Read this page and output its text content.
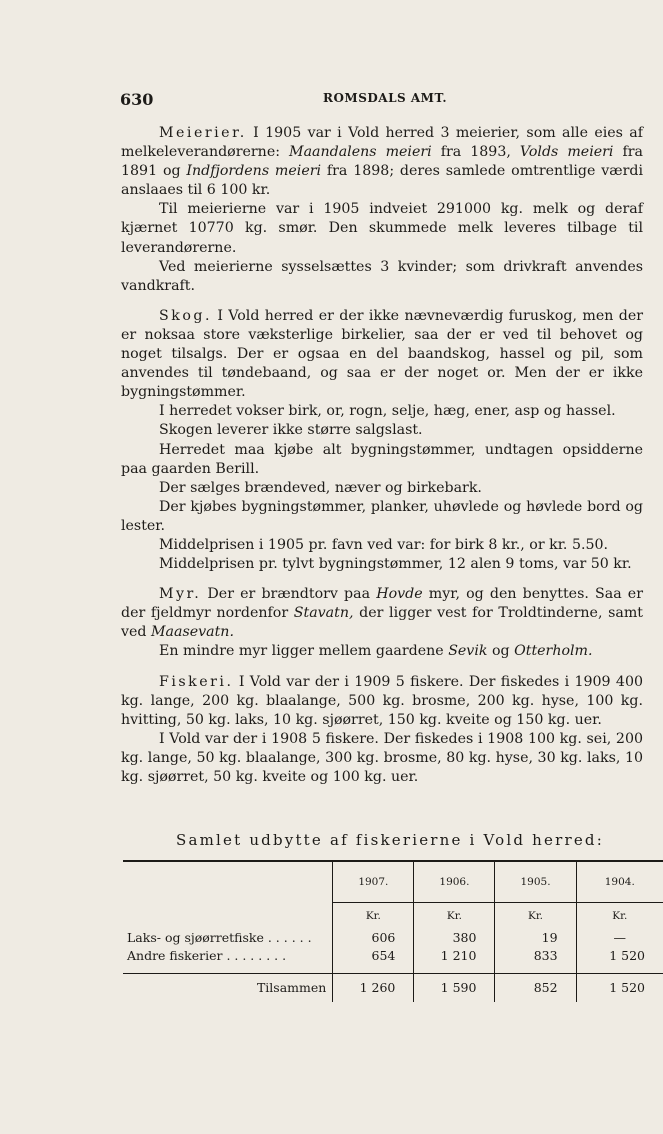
630	ROMSDALS AMT.

Meierier. I 1905 var i Vold herred 3 meierier, som alle eies af melkeleverandørerne: Maandalens meieri fra 1893, Volds meieri fra 1891 og Indfjordens meieri fra 1898; deres samlede omtrentlige værdi anslaaes til 6 100 kr.

Til meierierne var i 1905 indveiet 291000 kg. melk og deraf kjærnet 10770 kg. smør. Den skummede melk leveres tilbage til leverandørerne.

Ved meierierne sysselsættes 3 kvinder; som drivkraft anvendes vandkraft.

Skog. I Vold herred er der ikke nævneværdig furuskog, men der er noksaa store væksterlige birkelier, saa der er ved til behovet og noget tilsalgs. Der er ogsaa en del baandskog, hassel og pil, som anvendes til tøndebaand, og saa er der noget or. Men der er ikke bygningstømmer.

I herredet vokser birk, or, rogn, selje, hæg, ener, asp og hassel.

Skogen leverer ikke større salgslast.

Herredet maa kjøbe alt bygningstømmer, undtagen opsidderne paa gaarden Berill.

Der sælges brændeved, næver og birkebark.

Der kjøbes bygningstømmer, planker, uhøvlede og høvlede bord og lester.

Middelprisen i 1905 pr. favn ved var: for birk 8 kr., or kr. 5.50.

Middelprisen pr. tylvt bygningstømmer, 12 alen 9 toms, var 50 kr.

Myr. Der er brændtorv paa Hovde myr, og den benyttes. Saa er der fjeldmyr nordenfor Stavatn, der ligger vest for Troldtinderne, samt ved Maasevatn.

En mindre myr ligger mellem gaardene Sevik og Otterholm.

Fiskeri. I Vold var der i 1909 5 fiskere. Der fiskedes i 1909 400 kg. lange, 200 kg. blaalange, 500 kg. brosme, 200 kg. hyse, 100 kg. hvitting, 50 kg. laks, 10 kg. sjøørret, 150 kg. kveite og 150 kg. uer.

I Vold var der i 1908 5 fiskere. Der fiskedes i 1908 100 kg. sei, 200 kg. lange, 50 kg. blaalange, 300 kg. brosme, 80 kg. hyse, 30 kg. laks, 10 kg. sjøørret, 50 kg. kveite og 100 kg. uer.

Samlet udbytte af fiskerierne i Vold herred:

	1907.	1906.	1905.	1904.
	Kr.	Kr.	Kr.	Kr.
Laks- og sjøørretfiske . . . . . .	606	380	19	—
Andre fiskerier . . . . . . . .	654	1 210	833	1 520

Tilsammen	1 260	1 590	852	1 520
